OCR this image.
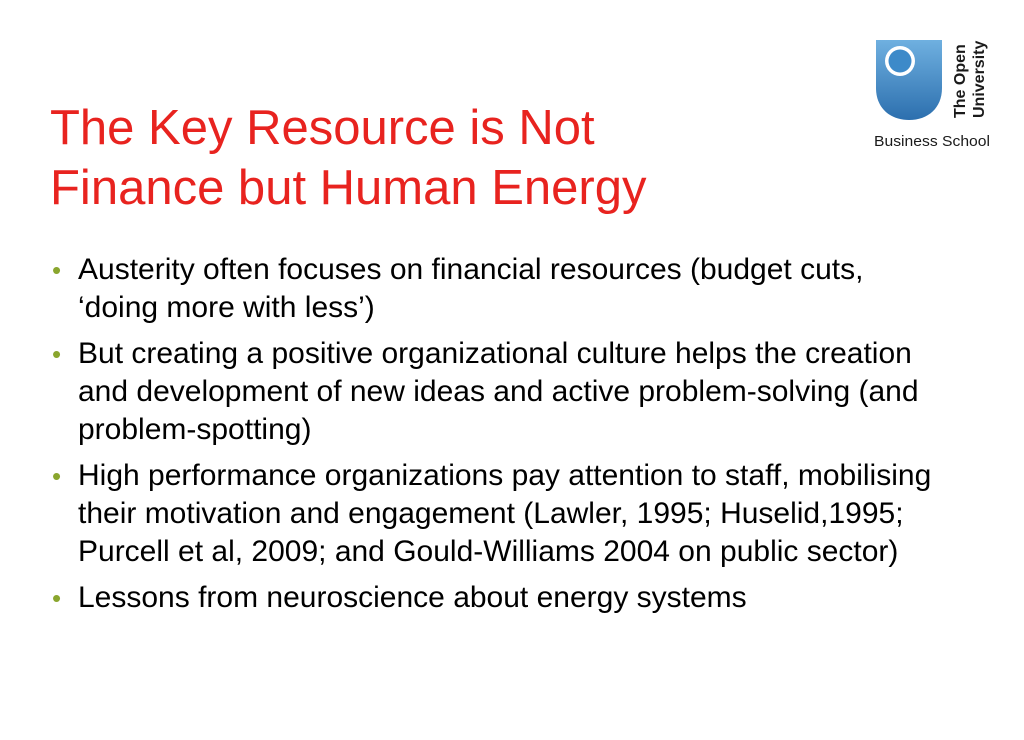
The Key Resource is Not
Finance but Human Energy
The Open University
Business School
• Austerity often focuses on financial resources (budget cuts, ‘doing more with less’)
• But creating a positive organizational culture helps the creation and development of new ideas and active problem-solving (and problem-spotting)
• High performance organizations pay attention to staff, mobilising their motivation and engagement (Lawler, 1995; Huselid,1995; Purcell et al, 2009; and Gould-Williams 2004 on public sector)
• Lessons from neuroscience about energy systems
